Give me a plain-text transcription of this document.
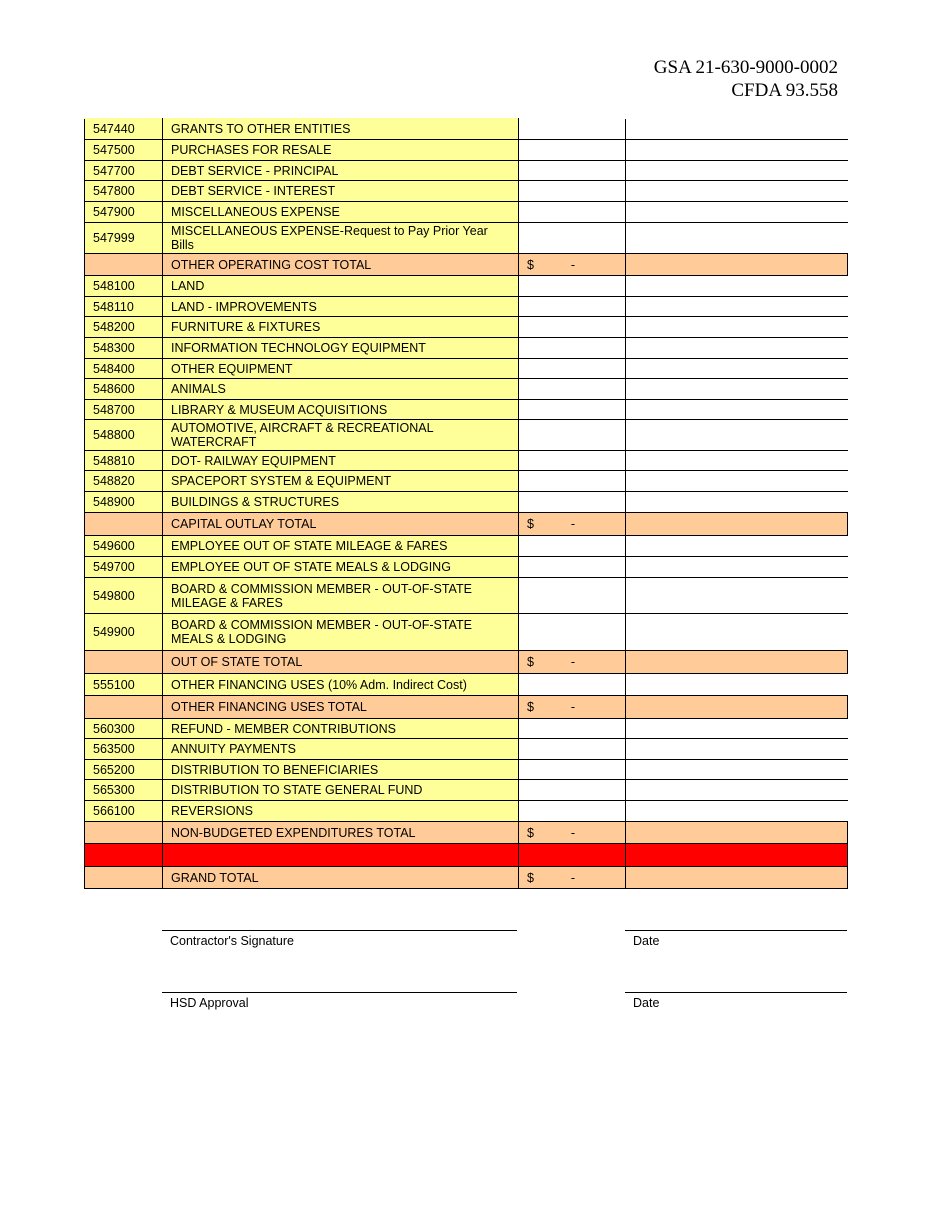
GSA 21-630-9000-0002
CFDA 93.558
547440	GRANTS TO OTHER ENTITIES		
547500	PURCHASES FOR RESALE		
547700	DEBT SERVICE - PRINCIPAL		
547800	DEBT SERVICE - INTEREST		
547900	MISCELLANEOUS EXPENSE		
547999	MISCELLANEOUS EXPENSE-Request to Pay Prior Year Bills		
	OTHER OPERATING COST TOTAL	$ -	

548100	LAND		
548110	LAND - IMPROVEMENTS		
548200	FURNITURE & FIXTURES		
548300	INFORMATION TECHNOLOGY EQUIPMENT		
548400	OTHER EQUIPMENT		
548600	ANIMALS		
548700	LIBRARY & MUSEUM ACQUISITIONS		
548800	AUTOMOTIVE, AIRCRAFT & RECREATIONAL WATERCRAFT		
548810	DOT- RAILWAY EQUIPMENT		
548820	SPACEPORT SYSTEM & EQUIPMENT		
548900	BUILDINGS & STRUCTURES		
	CAPITAL OUTLAY TOTAL	$ -	

549600	EMPLOYEE OUT OF STATE MILEAGE & FARES		
549700	EMPLOYEE OUT OF STATE MEALS & LODGING		
549800	BOARD & COMMISSION MEMBER - OUT-OF-STATE MILEAGE & FARES		
549900	BOARD & COMMISSION MEMBER - OUT-OF-STATE MEALS & LODGING		
	OUT OF STATE TOTAL	$ -	

555100	OTHER FINANCING USES (10% Adm. Indirect Cost)		
	OTHER FINANCING USES TOTAL	$ -	

560300	REFUND - MEMBER CONTRIBUTIONS		
563500	ANNUITY PAYMENTS		
565200	DISTRIBUTION TO BENEFICIARIES		
565300	DISTRIBUTION TO STATE GENERAL FUND		
566100	REVERSIONS		
	NON-BUDGETED EXPENDITURES TOTAL	$ -	

	GRAND TOTAL	$ -	

Contractor's Signature	Date
HSD Approval	Date
